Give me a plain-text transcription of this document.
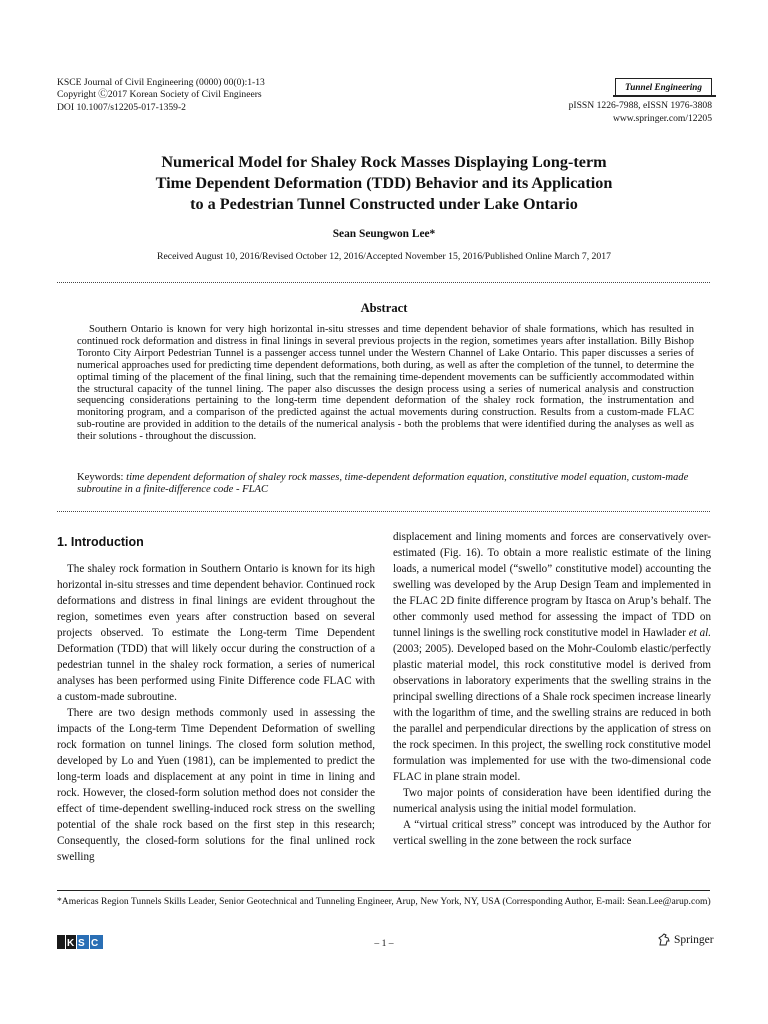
KSCE Journal of Civil Engineering (0000) 00(0):1-13
Copyright Ⓒ2017 Korean Society of Civil Engineers
DOI 10.1007/s12205-017-1359-2
Tunnel Engineering
pISSN 1226-7988, eISSN 1976-3808
www.springer.com/12205
Numerical Model for Shaley Rock Masses Displaying Long-term
Time Dependent Deformation (TDD) Behavior and its Application
to a Pedestrian Tunnel Constructed under Lake Ontario
Sean Seungwon Lee*
Received August 10, 2016/Revised October 12, 2016/Accepted November 15, 2016/Published Online March 7, 2017
Abstract

Southern Ontario is known for very high horizontal in-situ stresses and time dependent behavior of shale formations, which has resulted in continued rock deformation and distress in final linings in several previous projects in the region, sometimes years after installation. Billy Bishop Toronto City Airport Pedestrian Tunnel is a passenger access tunnel under the Western Channel of Lake Ontario. This paper discusses a series of numerical approaches used for predicting time dependent deformations, both during, as well as after the completion of the tunnel, to determine the optimal timing of the placement of the final lining, such that the remaining time-dependent movements can be sufficiently accommodated within the structural capacity of the tunnel lining. The paper also discusses the design process using a series of numerical analysis and construction sequencing considerations pertaining to the long-term time dependent deformation of the shaley rock formation, the instrumentation and monitoring program, and a comparison of the predicted against the actual movements during construction. Results from a custom-made FLAC sub-routine are provided in addition to the details of the numerical analysis - both the problems that were identified during the analyses as well as their solutions - throughout the discussion.

Keywords: time dependent deformation of shaley rock masses, time-dependent deformation equation, constitutive model equation, custom-made subroutine in a finite-difference code - FLAC
1. Introduction

The shaley rock formation in Southern Ontario is known for its high horizontal in-situ stresses and time dependent behavior. Continued rock deformations and distress in final linings are evident throughout the region, sometimes even years after construction based on several projects observed. To estimate the Long-term Time Dependent Deformation (TDD) that will likely occur during the construction of a pedestrian tunnel in the shaley rock formation, a series of numerical analyses has been performed using Finite Difference code FLAC with a custom-made subroutine.

There are two design methods commonly used in assessing the impacts of the Long-term Time Dependent Deformation of swelling rock formation on tunnel linings. The closed form solution method, developed by Lo and Yuen (1981), can be implemented to predict the long-term loads and displacement at any point in time in lining and rock. However, the closed-form solution method does not consider the effect of time-dependent swelling-induced rock stress on the swelling potential of the shale rock based on the first step in this research; Consequently, the closed-form solutions for the final unlined rock swelling

displacement and lining moments and forces are conservatively over-estimated (Fig. 16). To obtain a more realistic estimate of the lining loads, a numerical model (“swello” constitutive model) accounting the swelling was developed by the Arup Design Team and implemented in the FLAC 2D finite difference program by Itasca on Arup’s behalf. The other commonly used method for assessing the impact of TDD on tunnel linings is the swelling rock constitutive model in Hawlader et al. (2003; 2005). Developed based on the Mohr-Coulomb elastic/perfectly plastic material model, this rock constitutive model is derived from observations in laboratory experiments that the swelling strains in the principal swelling directions of a Shale rock specimen increase linearly with the logarithm of time, and the swelling strains are reduced in both the parallel and perpendicular directions by the application of stress on the rock specimen. In this project, the swelling rock constitutive model formulation was implemented for use with the two-dimensional code FLAC in plane strain model.

Two major points of consideration have been identified during the numerical analysis using the initial model formulation.

A “virtual critical stress” concept was introduced by the Author for vertical swelling in the zone between the rock surface

*Americas Region Tunnels Skills Leader, Senior Geotechnical and Tunneling Engineer, Arup, New York, NY, USA (Corresponding Author, E-mail: Sean.Lee@arup.com)
K S C	– 1 –	Springer
